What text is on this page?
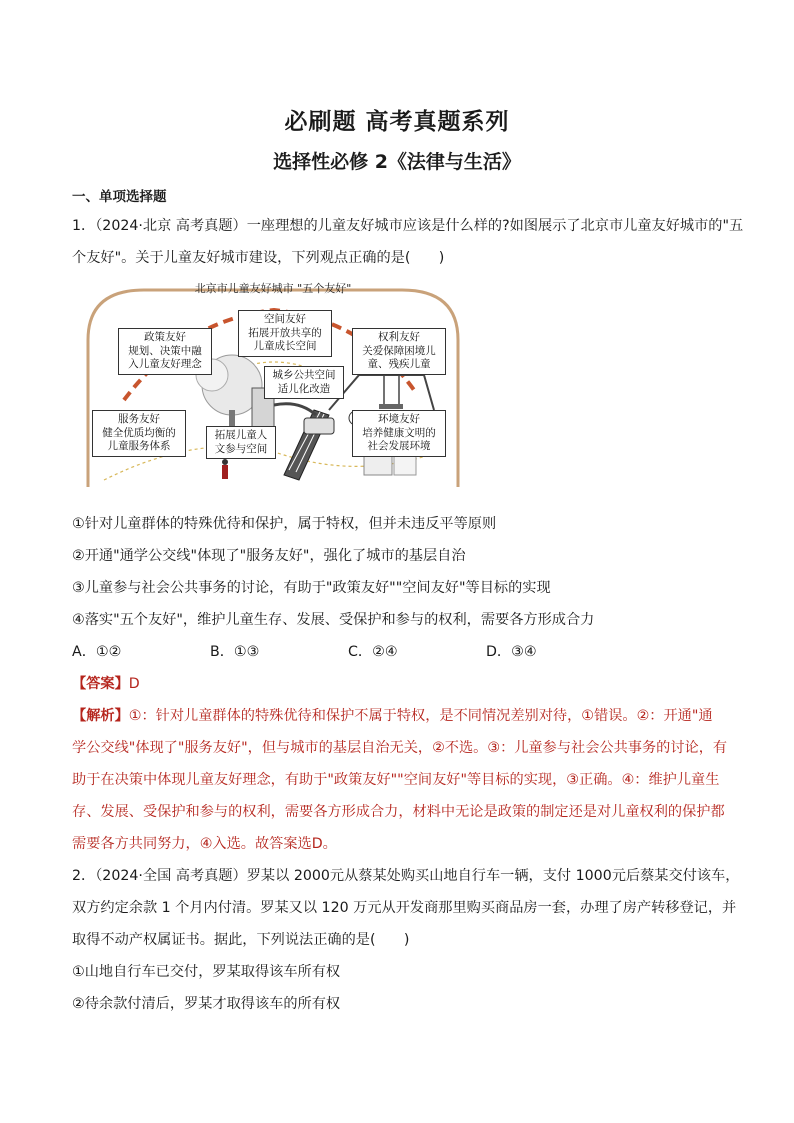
必刷题 高考真题系列
选择性必修 2《法律与生活》
一、单项选择题
1．（2024·北京 高考真题）一座理想的儿童友好城市应该是什么样的?如图展示了北京市儿童友好城市的"五
个友好"。关于儿童友好城市建设，下列观点正确的是(　　)
北京市儿童友好城市 "五个友好"
政策友好
规划、决策中融
入儿童友好理念
空间友好
拓展开放共享的
儿童成长空间
权利友好
关爱保障困境儿
童、残疾儿童
城乡公共空间
适儿化改造
服务友好
健全优质均衡的
儿童服务体系
拓展儿童人
文参与空间
环境友好
培养健康文明的
社会发展环境
①针对儿童群体的特殊优待和保护，属于特权，但并未违反平等原则
②开通"通学公交线"体现了"服务友好"，强化了城市的基层自治
③儿童参与社会公共事务的讨论，有助于"政策友好""空间友好"等目标的实现
④落实"五个友好"，维护儿童生存、发展、受保护和参与的权利，需要各方形成合力
A．①②	B．①③	C．②④	D．③④
【答案】D
【解析】①：针对儿童群体的特殊优待和保护不属于特权，是不同情况差别对待，①错误。②：开通"通
学公交线"体现了"服务友好"，但与城市的基层自治无关，②不选。③：儿童参与社会公共事务的讨论，有
助于在决策中体现儿童友好理念，有助于"政策友好""空间友好"等目标的实现，③正确。④：维护儿童生
存、发展、受保护和参与的权利，需要各方形成合力，材料中无论是政策的制定还是对儿童权利的保护都
需要各方共同努力，④入选。故答案选D。
2．（2024·全国 高考真题）罗某以 2000元从蔡某处购买山地自行车一辆，支付 1000元后蔡某交付该车，
双方约定余款 1 个月内付清。罗某又以 120 万元从开发商那里购买商品房一套，办理了房产转移登记，并
取得不动产权属证书。据此，下列说法正确的是(　　)
①山地自行车已交付，罗某取得该车所有权
②待余款付清后，罗某才取得该车的所有权
